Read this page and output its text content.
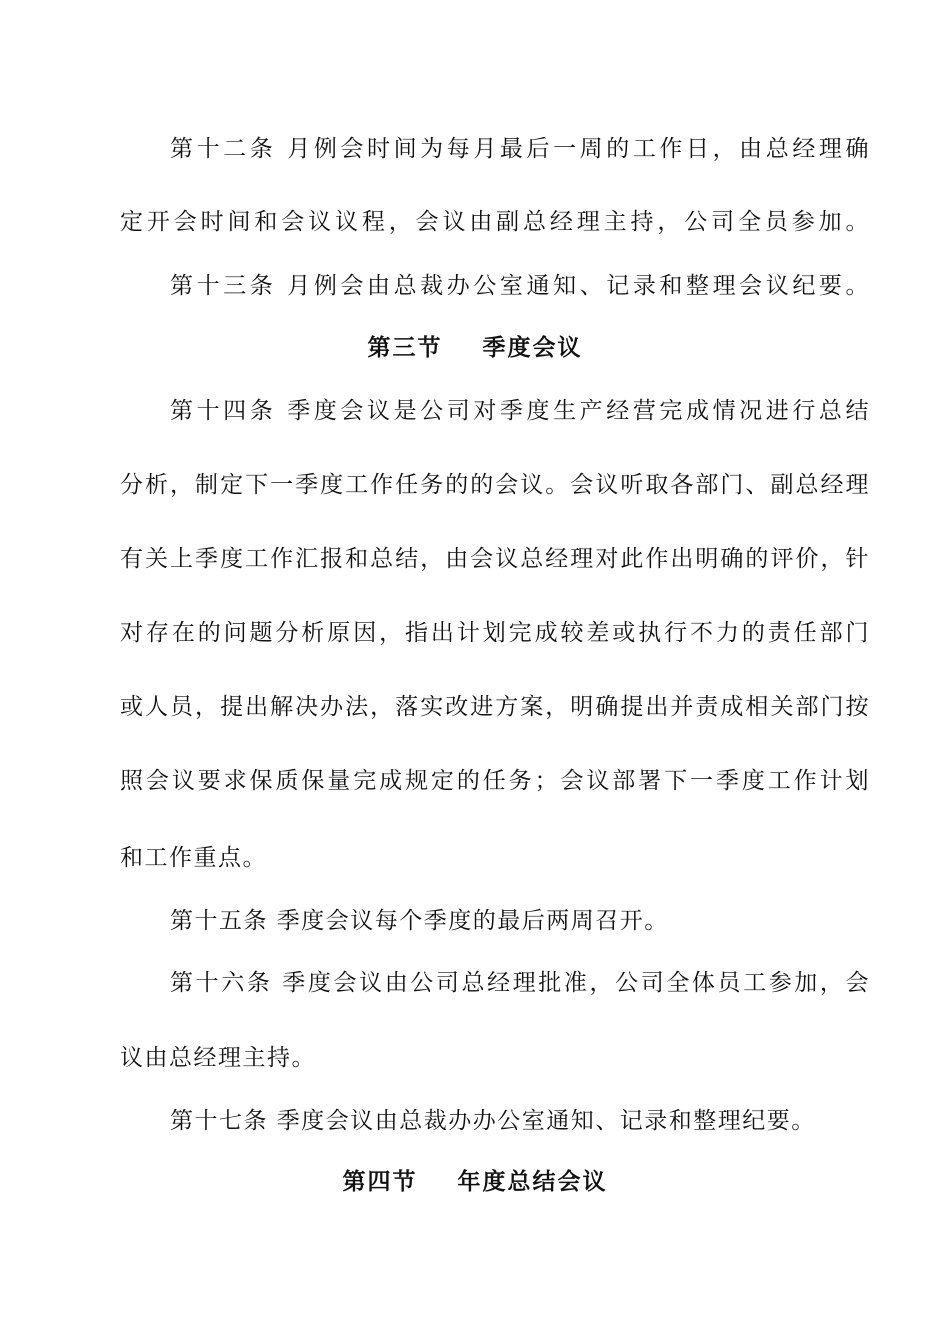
第十二条 月例会时间为每月最后一周的工作日，由总经理确
定开会时间和会议议程，会议由副总经理主持，公司全员参加。
第十三条 月例会由总裁办公室通知、记录和整理会议纪要。
第三节    季度会议
第十四条 季度会议是公司对季度生产经营完成情况进行总结
分析，制定下一季度工作任务的的会议。会议听取各部门、副总经理
有关上季度工作汇报和总结，由会议总经理对此作出明确的评价，针
对存在的问题分析原因，指出计划完成较差或执行不力的责任部门
或人员，提出解决办法，落实改进方案，明确提出并责成相关部门按
照会议要求保质保量完成规定的任务；会议部署下一季度工作计划
和工作重点。
第十五条 季度会议每个季度的最后两周召开。
第十六条 季度会议由公司总经理批准，公司全体员工参加，会
议由总经理主持。
第十七条 季度会议由总裁办办公室通知、记录和整理纪要。
第四节    年度总结会议
